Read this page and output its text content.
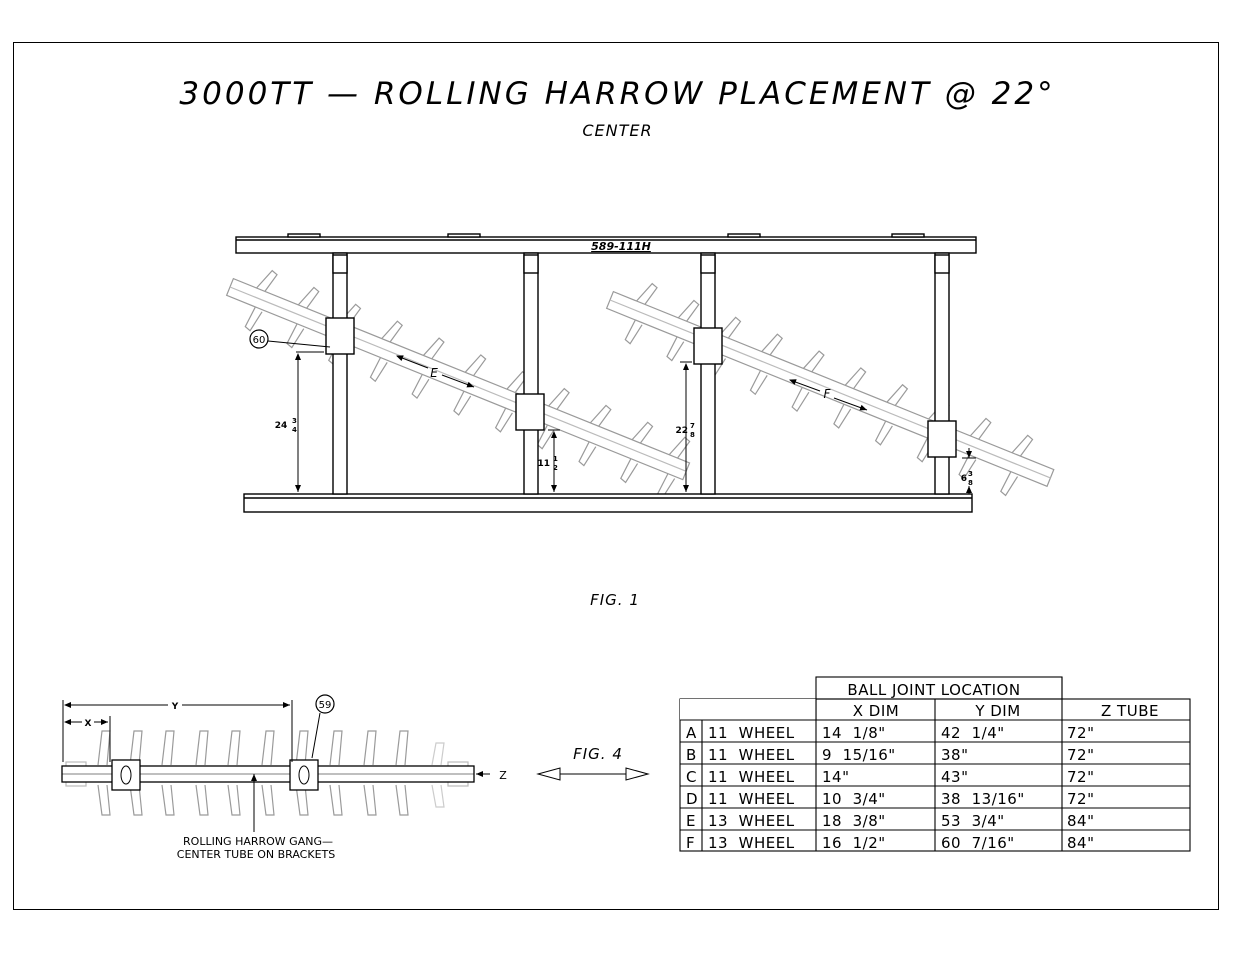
3000TT — ROLLING HARROW PLACEMENT @ 22°
CENTER
589-111H
60
E
F
24 3
4
11 1
2
22 7
8
6 3
8
FIG. 1
X
Y
Z
59
ROLLING HARROW GANG—
CENTER TUBE ON BRACKETS
FIG. 4
BALL JOINT LOCATION
X DIM	Y DIM	Z TUBE
A 11  WHEEL 14  1/8"	42  1/4"	72"
B 11  WHEEL 9  15/16"	38"	72"
C 11  WHEEL 14"	43"	72"
D 11  WHEEL 10  3/4"	38  13/16"	72"
E 13  WHEEL 18  3/8"	53  3/4"	84"
F 13  WHEEL 16  1/2"	60  7/16"	84"
